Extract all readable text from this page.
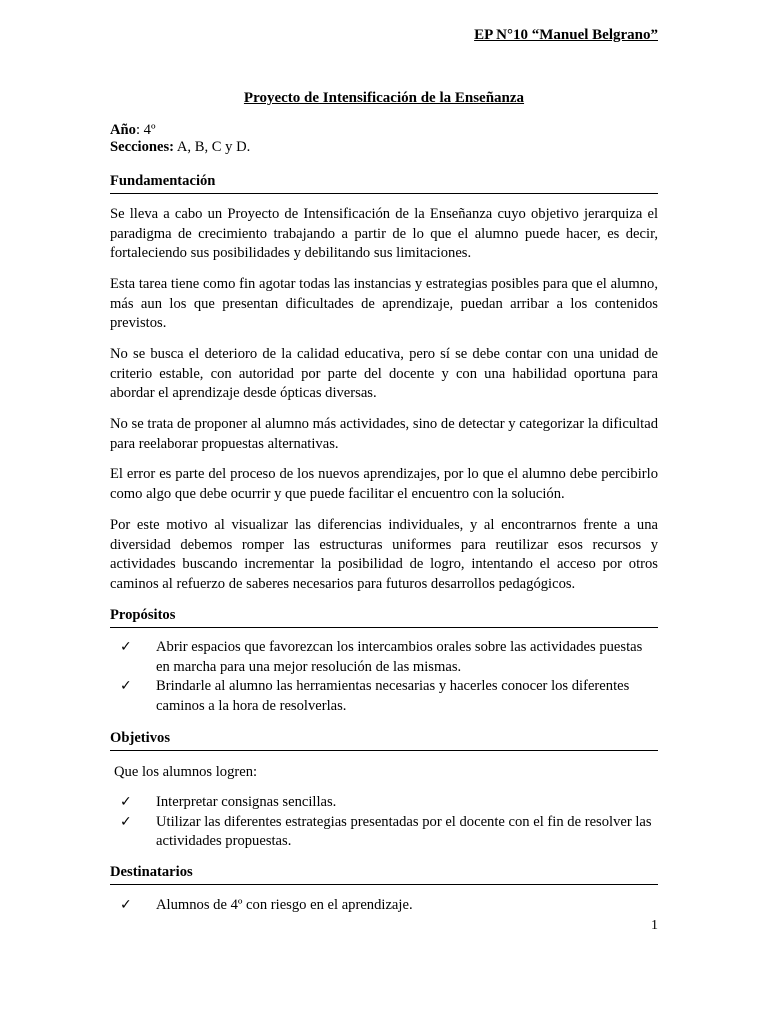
EP N°10 “Manuel Belgrano”
Proyecto de Intensificación de la Enseñanza
Año: 4º
Secciones: A, B, C y D.
Fundamentación
Se lleva a cabo un Proyecto de Intensificación de la Enseñanza cuyo objetivo jerarquiza el paradigma de crecimiento trabajando a partir de lo que el alumno puede hacer, es decir, fortaleciendo sus posibilidades y debilitando sus limitaciones.
Esta tarea tiene como fin agotar todas las instancias y estrategias posibles para que el alumno, más aun los que presentan dificultades de aprendizaje, puedan arribar a los contenidos previstos.
No se busca el deterioro de la calidad educativa, pero sí se debe contar con una unidad de criterio estable, con autoridad por parte del docente y con una habilidad oportuna para abordar el aprendizaje desde ópticas diversas.
No se trata de proponer al alumno más actividades, sino de detectar y categorizar la dificultad para reelaborar propuestas alternativas.
El error es parte del proceso de los nuevos aprendizajes, por lo que el alumno debe percibirlo como algo que debe ocurrir y que puede facilitar el encuentro con la solución.
Por este motivo al visualizar las diferencias individuales, y al encontrarnos frente a una diversidad debemos romper las estructuras uniformes para reutilizar esos recursos y actividades buscando incrementar la posibilidad de logro, intentando el acceso por otros caminos al refuerzo de saberes necesarios para futuros desarrollos pedagógicos.
Propósitos
✓ Abrir espacios que favorezcan los intercambios orales sobre las actividades puestas en marcha para una mejor resolución de las mismas.
✓ Brindarle al alumno las herramientas necesarias y hacerles conocer los diferentes caminos a la hora de resolverlas.
Objetivos
Que los alumnos logren:
✓ Interpretar consignas sencillas.
✓ Utilizar las diferentes estrategias presentadas por el docente con el fin de resolver las actividades propuestas.
Destinatarios
✓ Alumnos de 4º con riesgo en el aprendizaje.
1
